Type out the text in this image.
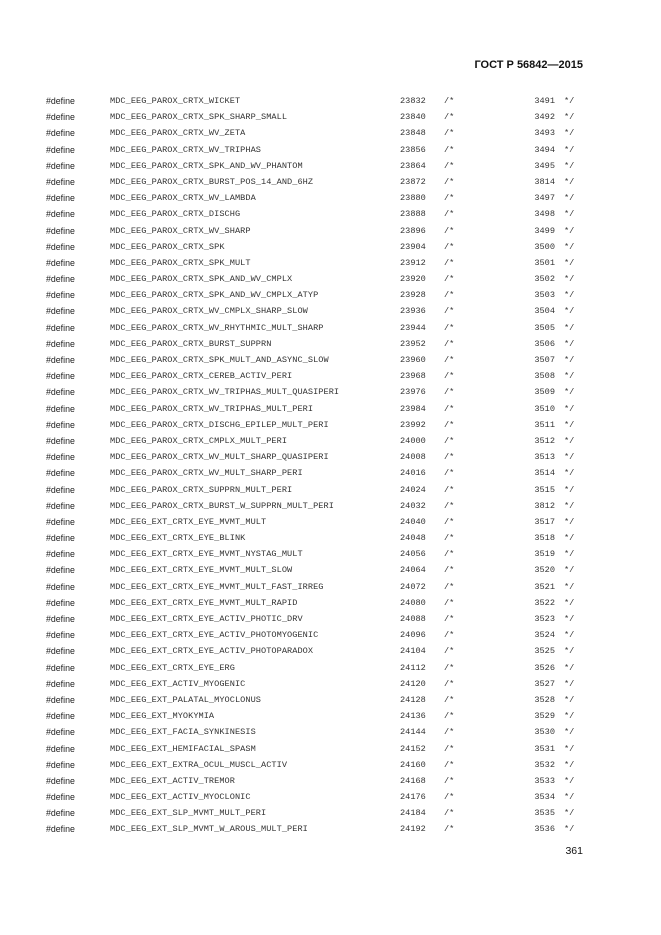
ГОСТ Р 56842—2015
#define	MDC_EEG_PAROX_CRTX_WICKET	23832 /*	3491 */
#define	MDC_EEG_PAROX_CRTX_SPK_SHARP_SMALL	23840 /*	3492 */
#define	MDC_EEG_PAROX_CRTX_WV_ZETA	23848 /*	3493 */
#define	MDC_EEG_PAROX_CRTX_WV_TRIPHAS	23856 /*	3494 */
#define	MDC_EEG_PAROX_CRTX_SPK_AND_WV_PHANTOM	23864 /*	3495 */
#define	MDC_EEG_PAROX_CRTX_BURST_POS_14_AND_6HZ	23872 /*	3814 */
#define	MDC_EEG_PAROX_CRTX_WV_LAMBDA	23880 /*	3497 */
#define	MDC_EEG_PAROX_CRTX_DISCHG	23888 /*	3498 */
#define	MDC_EEG_PAROX_CRTX_WV_SHARP	23896 /*	3499 */
#define	MDC_EEG_PAROX_CRTX_SPK	23904 /*	3500 */
#define	MDC_EEG_PAROX_CRTX_SPK_MULT	23912 /*	3501 */
#define	MDC_EEG_PAROX_CRTX_SPK_AND_WV_CMPLX	23920 /*	3502 */
#define	MDC_EEG_PAROX_CRTX_SPK_AND_WV_CMPLX_ATYP	23928 /*	3503 */
#define	MDC_EEG_PAROX_CRTX_WV_CMPLX_SHARP_SLOW	23936 /*	3504 */
#define	MDC_EEG_PAROX_CRTX_WV_RHYTHMIC_MULT_SHARP	23944 /*	3505 */
#define	MDC_EEG_PAROX_CRTX_BURST_SUPPRN	23952 /*	3506 */
#define	MDC_EEG_PAROX_CRTX_SPK_MULT_AND_ASYNC_SLOW	23960 /*	3507 */
#define	MDC_EEG_PAROX_CRTX_CEREB_ACTIV_PERI	23968 /*	3508 */
#define	MDC_EEG_PAROX_CRTX_WV_TRIPHAS_MULT_QUASIPERI	23976 /*	3509 */
#define	MDC_EEG_PAROX_CRTX_WV_TRIPHAS_MULT_PERI	23984 /*	3510 */
#define	MDC_EEG_PAROX_CRTX_DISCHG_EPILEP_MULT_PERI	23992 /*	3511 */
#define	MDC_EEG_PAROX_CRTX_CMPLX_MULT_PERI	24000 /*	3512 */
#define	MDC_EEG_PAROX_CRTX_WV_MULT_SHARP_QUASIPERI	24008 /*	3513 */
#define	MDC_EEG_PAROX_CRTX_WV_MULT_SHARP_PERI	24016 /*	3514 */
#define	MDC_EEG_PAROX_CRTX_SUPPRN_MULT_PERI	24024 /*	3515 */
#define	MDC_EEG_PAROX_CRTX_BURST_W_SUPPRN_MULT_PERI	24032 /*	3812 */
#define	MDC_EEG_EXT_CRTX_EYE_MVMT_MULT	24040 /*	3517 */
#define	MDC_EEG_EXT_CRTX_EYE_BLINK	24048 /*	3518 */
#define	MDC_EEG_EXT_CRTX_EYE_MVMT_NYSTAG_MULT	24056 /*	3519 */
#define	MDC_EEG_EXT_CRTX_EYE_MVMT_MULT_SLOW	24064 /*	3520 */
#define	MDC_EEG_EXT_CRTX_EYE_MVMT_MULT_FAST_IRREG	24072 /*	3521 */
#define	MDC_EEG_EXT_CRTX_EYE_MVMT_MULT_RAPID	24080 /*	3522 */
#define	MDC_EEG_EXT_CRTX_EYE_ACTIV_PHOTIC_DRV	24088 /*	3523 */
#define	MDC_EEG_EXT_CRTX_EYE_ACTIV_PHOTOMYOGENIC	24096 /*	3524 */
#define	MDC_EEG_EXT_CRTX_EYE_ACTIV_PHOTOPARADOX	24104 /*	3525 */
#define	MDC_EEG_EXT_CRTX_EYE_ERG	24112 /*	3526 */
#define	MDC_EEG_EXT_ACTIV_MYOGENIC	24120 /*	3527 */
#define	MDC_EEG_EXT_PALATAL_MYOCLONUS	24128 /*	3528 */
#define	MDC_EEG_EXT_MYOKYMIA	24136 /*	3529 */
#define	MDC_EEG_EXT_FACIA_SYNKINESIS	24144 /*	3530 */
#define	MDC_EEG_EXT_HEMIFACIAL_SPASM	24152 /*	3531 */
#define	MDC_EEG_EXT_EXTRA_OCUL_MUSCL_ACTIV	24160 /*	3532 */
#define	MDC_EEG_EXT_ACTIV_TREMOR	24168 /*	3533 */
#define	MDC_EEG_EXT_ACTIV_MYOCLONIC	24176 /*	3534 */
#define	MDC_EEG_EXT_SLP_MVMT_MULT_PERI	24184 /*	3535 */
#define	MDC_EEG_EXT_SLP_MVMT_W_AROUS_MULT_PERI	24192 /*	3536 */
361
